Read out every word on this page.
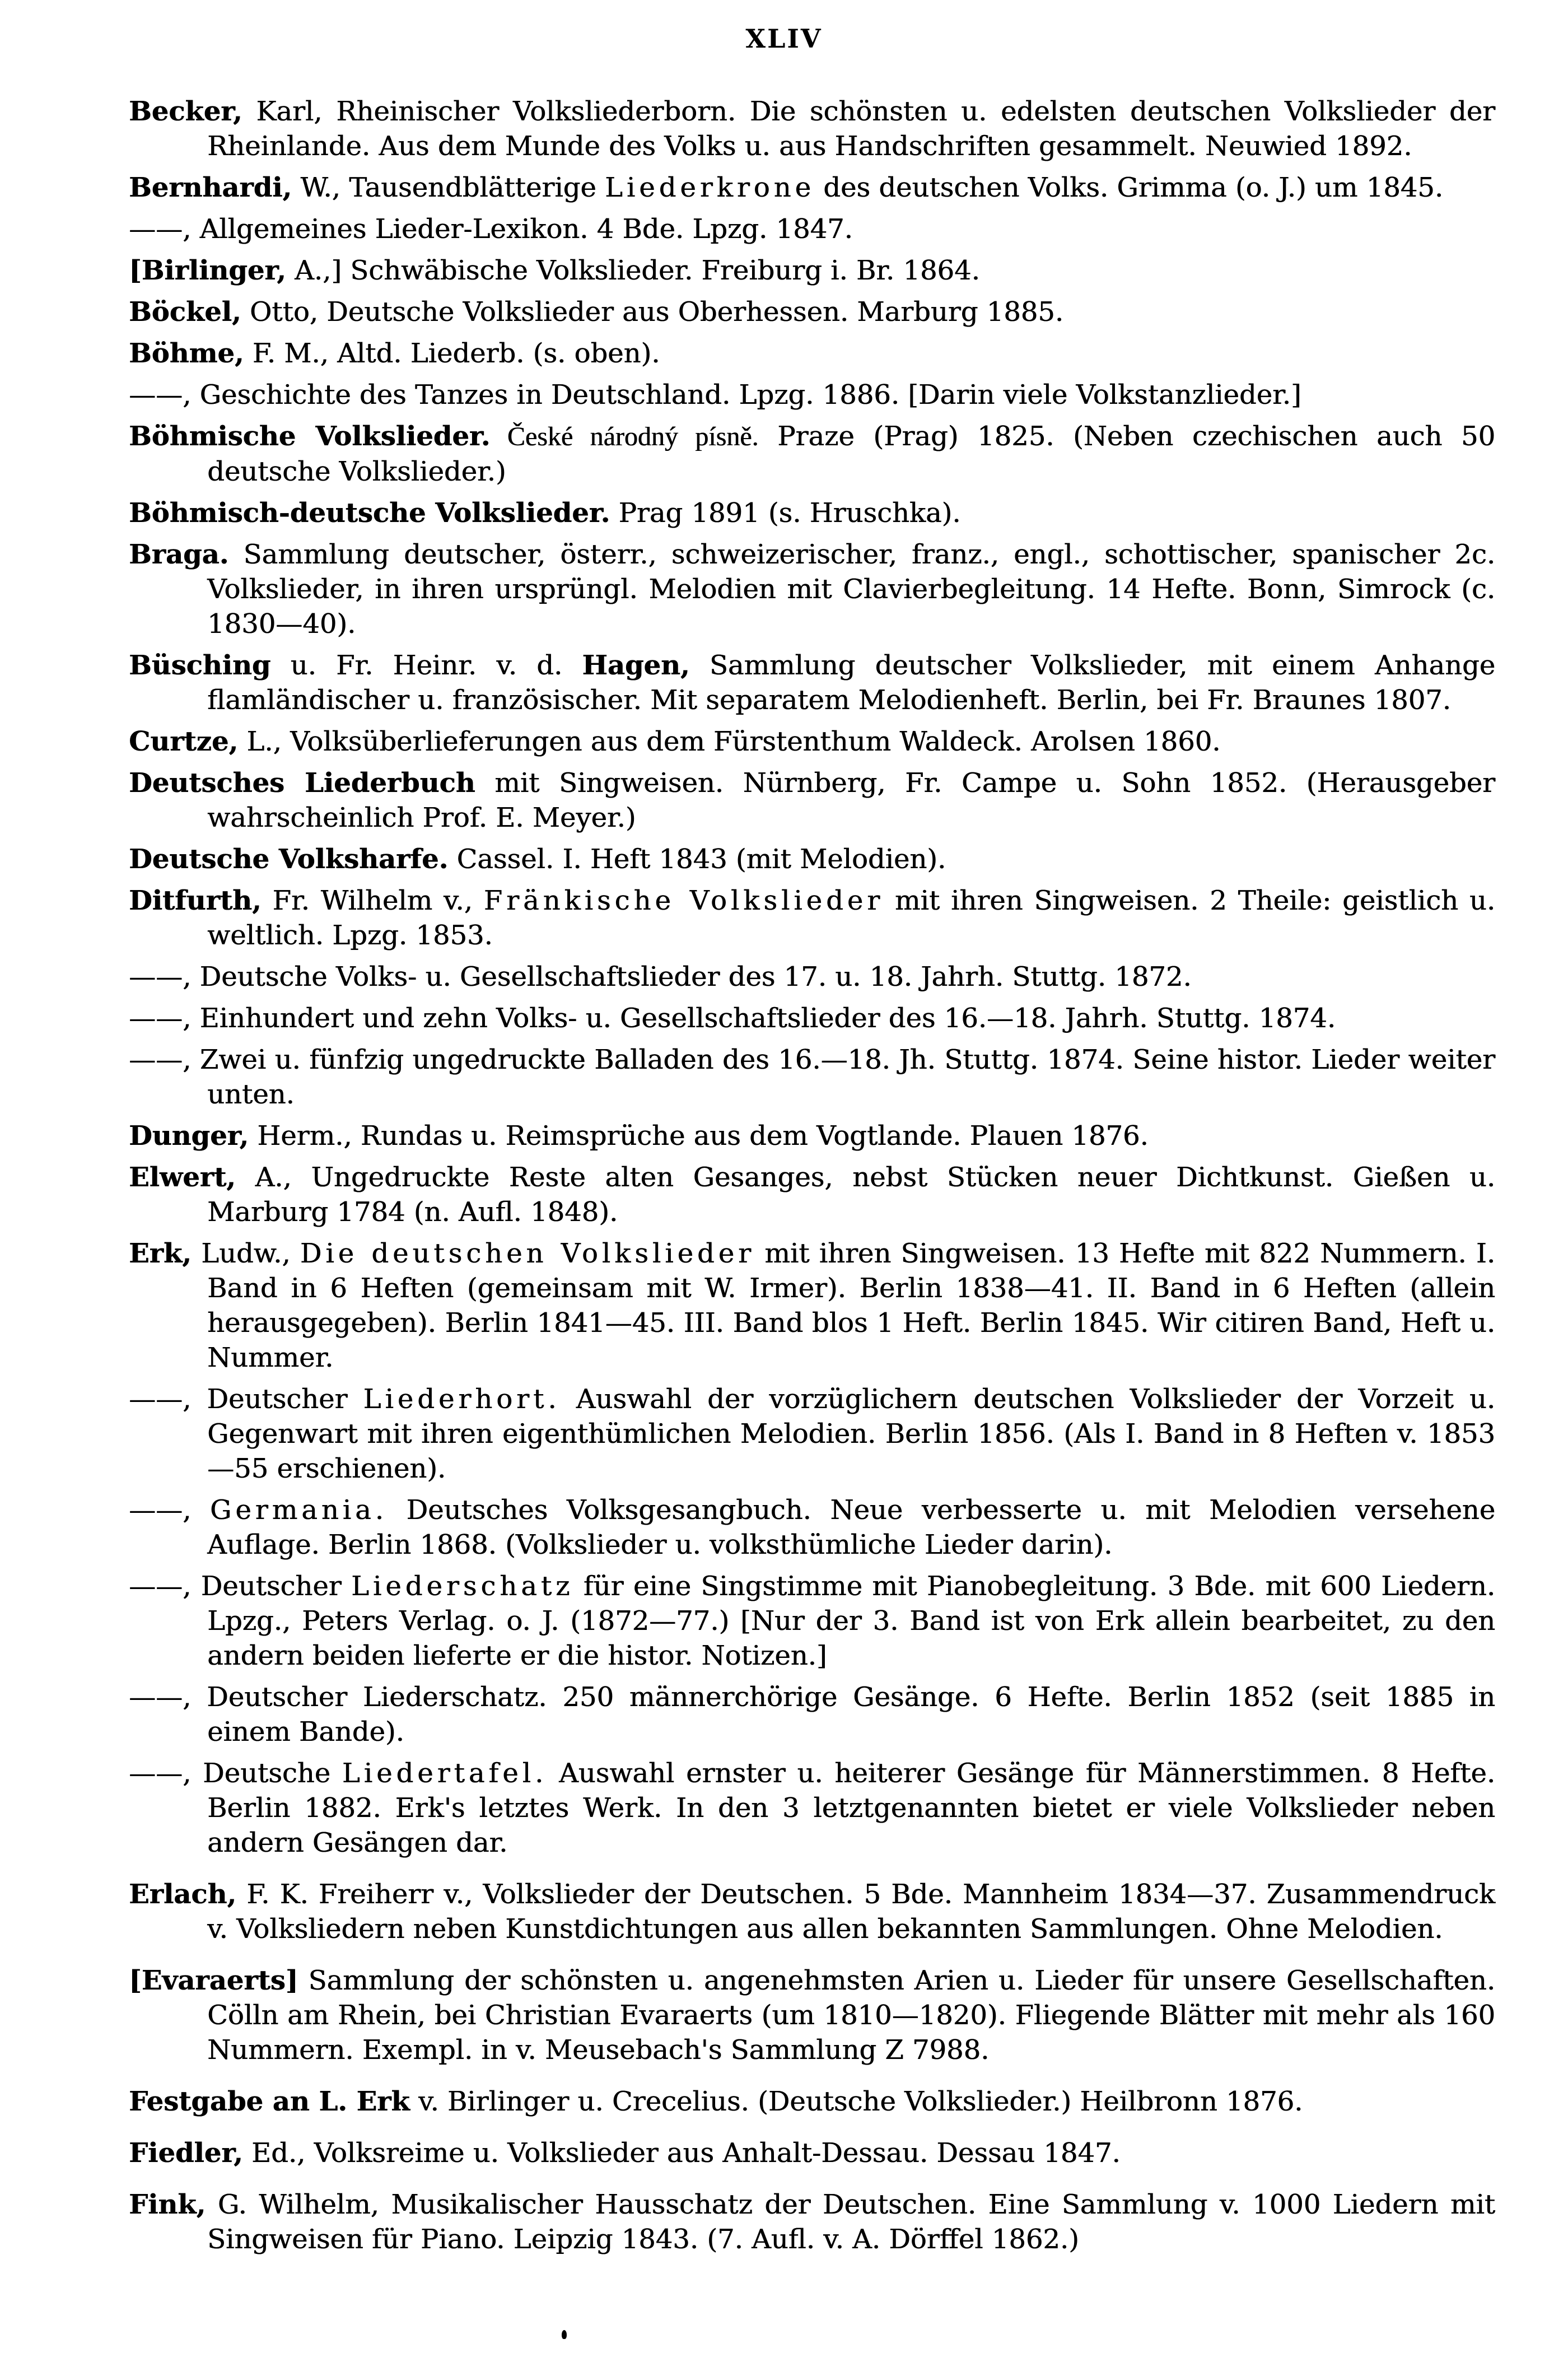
XLIV

Becker, Karl, Rheinischer Volksliederborn. Die schönsten u. edelsten deutschen Volkslieder der Rheinlande. Aus dem Munde des Volks u. aus Handschriften gesammelt. Neuwied 1892.

Bernhardi, W., Tausendblätterige Liederkrone des deutschen Volks. Grimma (o. J.) um 1845.

——, Allgemeines Lieder-Lexikon. 4 Bde. Lpzg. 1847.

[Birlinger, A.,] Schwäbische Volkslieder. Freiburg i. Br. 1864.

Böckel, Otto, Deutsche Volkslieder aus Oberhessen. Marburg 1885.

Böhme, F. M., Altd. Liederb. (s. oben).

——, Geschichte des Tanzes in Deutschland. Lpzg. 1886. [Darin viele Volkstanzlieder.]

Böhmische Volkslieder. České národný písně. Praze (Prag) 1825. (Neben czechischen auch 50 deutsche Volkslieder.)

Böhmisch-deutsche Volkslieder. Prag 1891 (s. Hruschka).

Braga. Sammlung deutscher, österr., schweizerischer, franz., engl., schottischer, spanischer 2c. Volkslieder, in ihren ursprüngl. Melodien mit Clavierbegleitung. 14 Hefte. Bonn, Simrock (c. 1830—40).

Büsching u. Fr. Heinr. v. d. Hagen, Sammlung deutscher Volkslieder, mit einem Anhange flamländischer u. französischer. Mit separatem Melodienheft. Berlin, bei Fr. Braunes 1807.

Curtze, L., Volksüberlieferungen aus dem Fürstenthum Waldeck. Arolsen 1860.

Deutsches Liederbuch mit Singweisen. Nürnberg, Fr. Campe u. Sohn 1852. (Herausgeber wahrscheinlich Prof. E. Meyer.)

Deutsche Volksharfe. Cassel. I. Heft 1843 (mit Melodien).

Ditfurth, Fr. Wilhelm v., Fränkische Volkslieder mit ihren Singweisen. 2 Theile: geistlich u. weltlich. Lpzg. 1853.

——, Deutsche Volks- u. Gesellschaftslieder des 17. u. 18. Jahrh. Stuttg. 1872.

——, Einhundert und zehn Volks- u. Gesellschaftslieder des 16.—18. Jahrh. Stuttg. 1874.

——, Zwei u. fünfzig ungedruckte Balladen des 16.—18. Jh. Stuttg. 1874. Seine histor. Lieder weiter unten.

Dunger, Herm., Rundas u. Reimsprüche aus dem Vogtlande. Plauen 1876.

Elwert, A., Ungedruckte Reste alten Gesanges, nebst Stücken neuer Dichtkunst. Gießen u. Marburg 1784 (n. Aufl. 1848).

Erk, Ludw., Die deutschen Volkslieder mit ihren Singweisen. 13 Hefte mit 822 Nummern. I. Band in 6 Heften (gemeinsam mit W. Irmer). Berlin 1838—41. II. Band in 6 Heften (allein herausgegeben). Berlin 1841—45. III. Band blos 1 Heft. Berlin 1845. Wir citiren Band, Heft u. Nummer.

——, Deutscher Liederhort. Auswahl der vorzüglichern deutschen Volkslieder der Vorzeit u. Gegenwart mit ihren eigenthümlichen Melodien. Berlin 1856. (Als I. Band in 8 Heften v. 1853—55 erschienen).

——, Germania. Deutsches Volksgesangbuch. Neue verbesserte u. mit Melodien versehene Auflage. Berlin 1868. (Volkslieder u. volksthümliche Lieder darin).

——, Deutscher Liederschatz für eine Singstimme mit Pianobegleitung. 3 Bde. mit 600 Liedern. Lpzg., Peters Verlag. o. J. (1872—77.) [Nur der 3. Band ist von Erk allein bearbeitet, zu den andern beiden lieferte er die histor. Notizen.]

——, Deutscher Liederschatz. 250 männerchörige Gesänge. 6 Hefte. Berlin 1852 (seit 1885 in einem Bande).

——, Deutsche Liedertafel. Auswahl ernster u. heiterer Gesänge für Männerstimmen. 8 Hefte. Berlin 1882. Erk's letztes Werk. In den 3 letztgenannten bietet er viele Volkslieder neben andern Gesängen dar.

Erlach, F. K. Freiherr v., Volkslieder der Deutschen. 5 Bde. Mannheim 1834—37. Zusammendruck v. Volksliedern neben Kunstdichtungen aus allen bekannten Sammlungen. Ohne Melodien.

[Evaraerts] Sammlung der schönsten u. angenehmsten Arien u. Lieder für unsere Gesellschaften. Cölln am Rhein, bei Christian Evaraerts (um 1810—1820). Fliegende Blätter mit mehr als 160 Nummern. Exempl. in v. Meusebach's Sammlung Z 7988.

Festgabe an L. Erk v. Birlinger u. Crecelius. (Deutsche Volkslieder.) Heilbronn 1876.

Fiedler, Ed., Volksreime u. Volkslieder aus Anhalt-Dessau. Dessau 1847.

Fink, G. Wilhelm, Musikalischer Hausschatz der Deutschen. Eine Sammlung v. 1000 Liedern mit Singweisen für Piano. Leipzig 1843. (7. Aufl. v. A. Dörffel 1862.)
